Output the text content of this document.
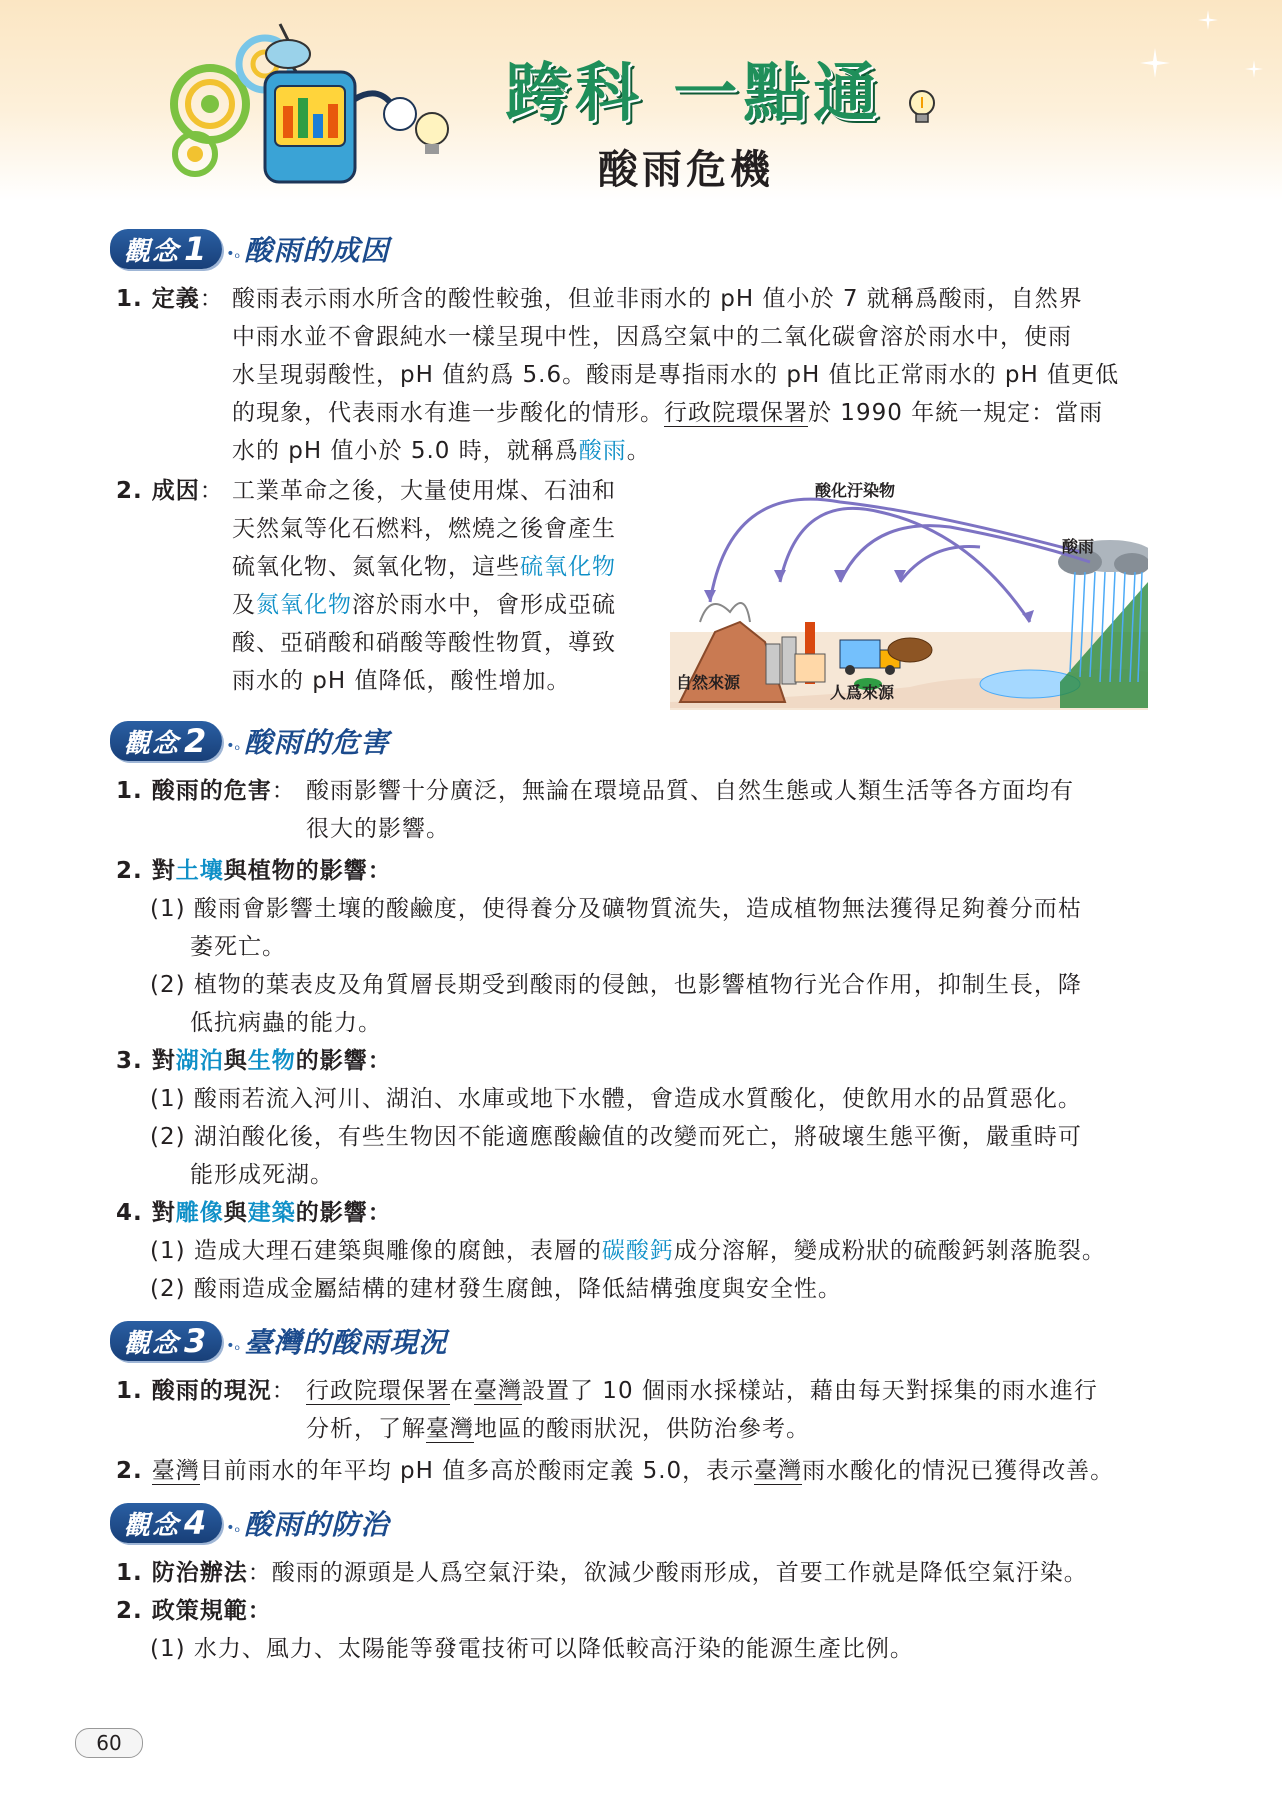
跨科 一點通
酸雨危機
觀念 1 •ₒ 酸雨的成因
1. 定義： 酸雨表示雨水所含的酸性較強，但並非雨水的 pH 值小於 7 就稱爲酸雨，自然界
中雨水並不會跟純水一樣呈現中性，因爲空氣中的二氧化碳會溶於雨水中，使雨
水呈現弱酸性，pH 值約爲 5.6。酸雨是專指雨水的 pH 值比正常雨水的 pH 值更低
的現象，代表雨水有進一步酸化的情形。行政院環保署於 1990 年統一規定：當雨
水的 pH 值小於 5.0 時，就稱爲酸雨。
2. 成因： 工業革命之後，大量使用煤、石油和
天然氣等化石燃料，燃燒之後會產生
硫氧化物、氮氧化物，這些硫氧化物
及氮氧化物溶於雨水中，會形成亞硫
酸、亞硝酸和硝酸等酸性物質，導致
雨水的 pH 值降低，酸性增加。
酸化汙染物
酸雨
自然來源
人爲來源
觀念 2 •ₒ 酸雨的危害
1. 酸雨的危害： 酸雨影響十分廣泛，無論在環境品質、自然生態或人類生活等各方面均有
很大的影響。
2. 對土壤與植物的影響：
(1) 酸雨會影響土壤的酸鹼度，使得養分及礦物質流失，造成植物無法獲得足夠養分而枯
萎死亡。
(2) 植物的葉表皮及角質層長期受到酸雨的侵蝕，也影響植物行光合作用，抑制生長，降
低抗病蟲的能力。
3. 對湖泊與生物的影響：
(1) 酸雨若流入河川、湖泊、水庫或地下水體，會造成水質酸化，使飲用水的品質惡化。
(2) 湖泊酸化後，有些生物因不能適應酸鹼值的改變而死亡，將破壞生態平衡，嚴重時可
能形成死湖。
4. 對雕像與建築的影響：
(1) 造成大理石建築與雕像的腐蝕，表層的碳酸鈣成分溶解，變成粉狀的硫酸鈣剝落脆裂。
(2) 酸雨造成金屬結構的建材發生腐蝕，降低結構強度與安全性。
觀念 3 •ₒ 臺灣的酸雨現況
1. 酸雨的現況： 行政院環保署在臺灣設置了 10 個雨水採樣站，藉由每天對採集的雨水進行
分析，了解臺灣地區的酸雨狀況，供防治參考。
2. 臺灣目前雨水的年平均 pH 值多高於酸雨定義 5.0，表示臺灣雨水酸化的情況已獲得改善。
觀念 4 •ₒ 酸雨的防治
1. 防治辦法：酸雨的源頭是人爲空氣汙染，欲減少酸雨形成，首要工作就是降低空氣汙染。
2. 政策規範：
(1) 水力、風力、太陽能等發電技術可以降低較高汙染的能源生產比例。
60
